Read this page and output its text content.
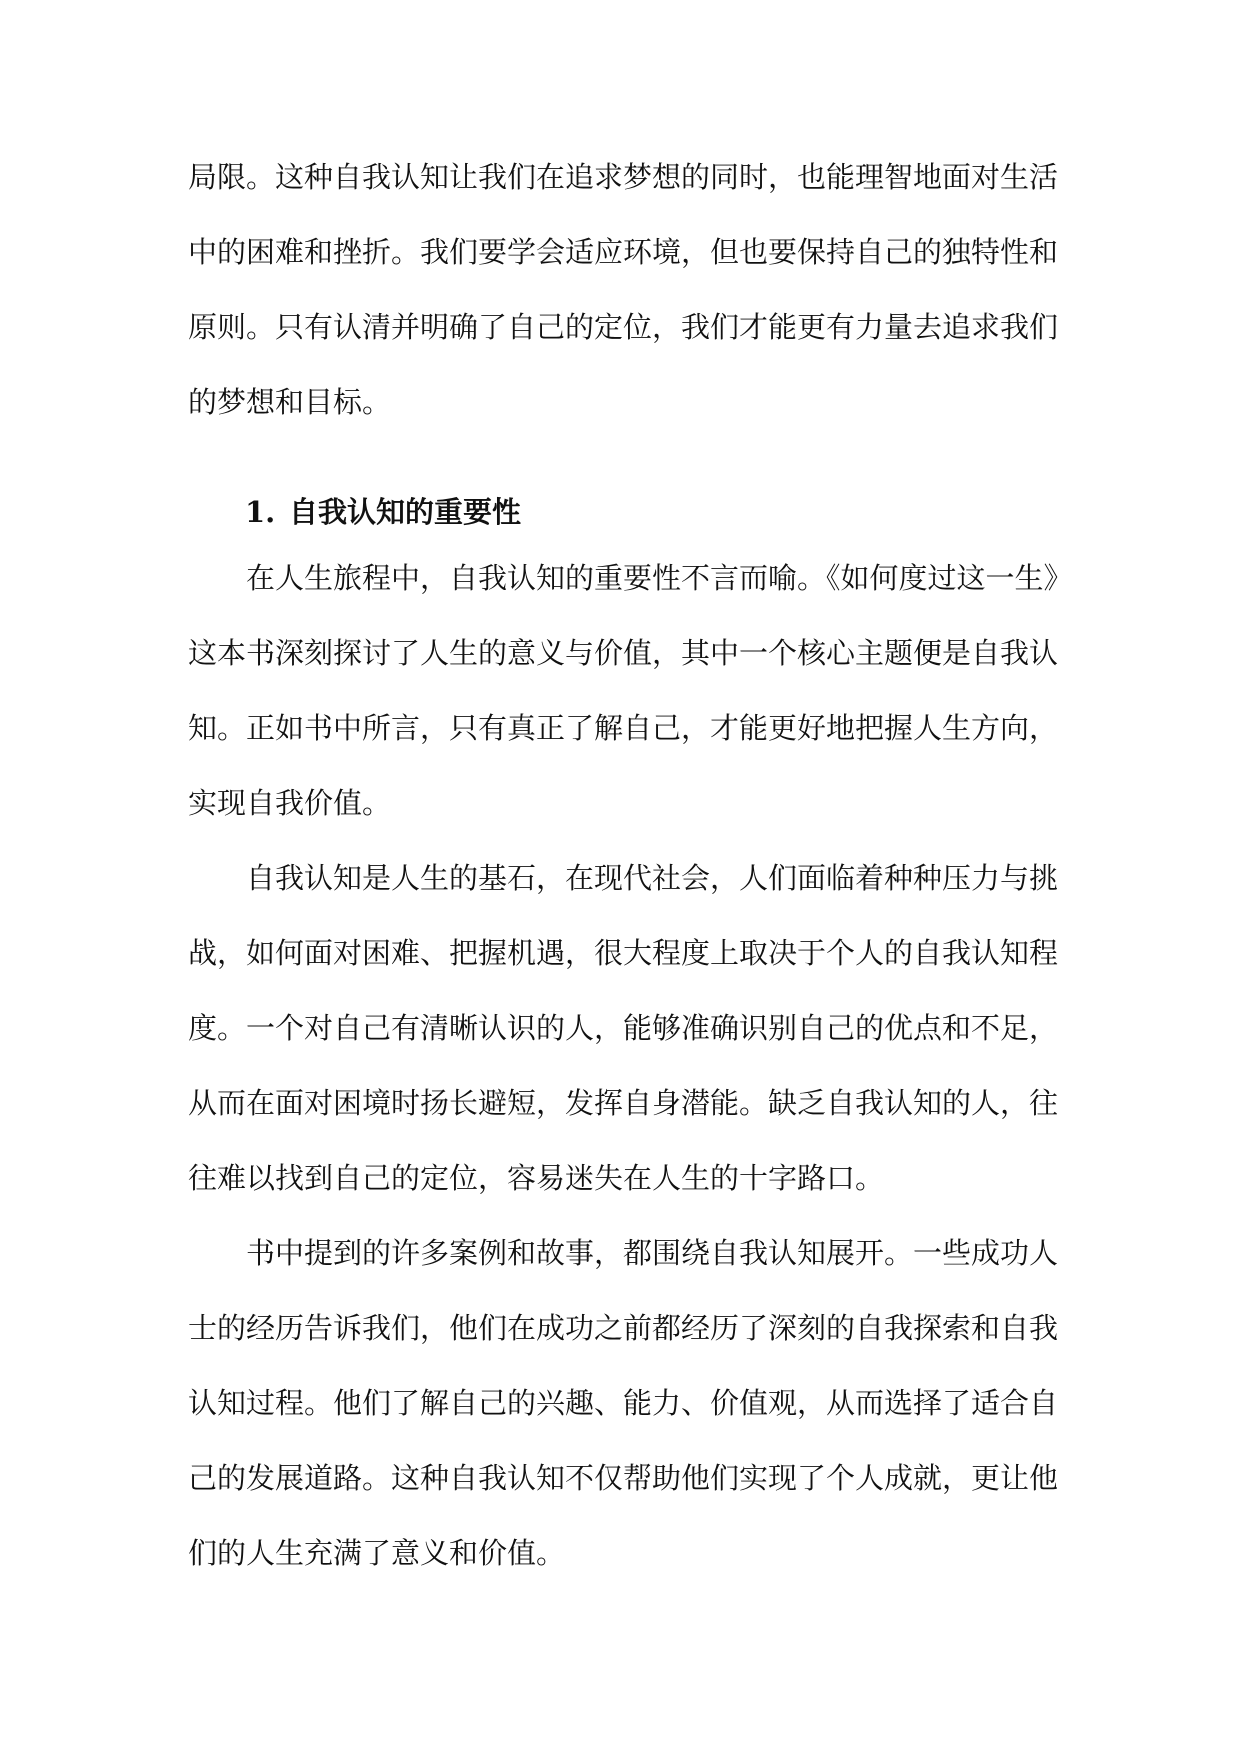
局限。这种自我认知让我们在追求梦想的同时，也能理智地面对生活
中的困难和挫折。我们要学会适应环境，但也要保持自己的独特性和
原则。只有认清并明确了自己的定位，我们才能更有力量去追求我们
的梦想和目标。
1. 自我认知的重要性
在人生旅程中，自我认知的重要性不言而喻。《如何度过这一生》
这本书深刻探讨了人生的意义与价值，其中一个核心主题便是自我认
知。正如书中所言，只有真正了解自己，才能更好地把握人生方向，
实现自我价值。
自我认知是人生的基石，在现代社会，人们面临着种种压力与挑
战，如何面对困难、把握机遇，很大程度上取决于个人的自我认知程
度。一个对自己有清晰认识的人，能够准确识别自己的优点和不足，
从而在面对困境时扬长避短，发挥自身潜能。缺乏自我认知的人，往
往难以找到自己的定位，容易迷失在人生的十字路口。
书中提到的许多案例和故事，都围绕自我认知展开。一些成功人
士的经历告诉我们，他们在成功之前都经历了深刻的自我探索和自我
认知过程。他们了解自己的兴趣、能力、价值观，从而选择了适合自
己的发展道路。这种自我认知不仅帮助他们实现了个人成就，更让他
们的人生充满了意义和价值。
